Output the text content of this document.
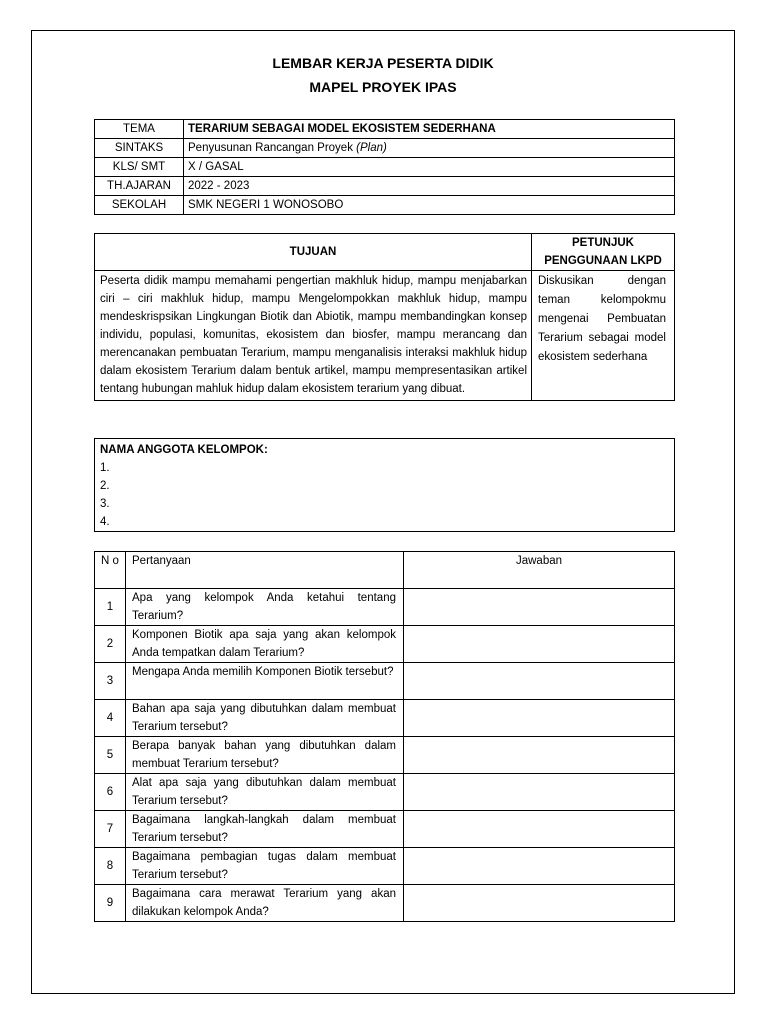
LEMBAR KERJA PESERTA DIDIK
MAPEL PROYEK IPAS
TEMA	TERARIUM SEBAGAI MODEL EKOSISTEM SEDERHANA
SINTAKS	Penyusunan Rancangan Proyek (Plan)
KLS/ SMT	X / GASAL
TH.AJARAN	2022 - 2023
SEKOLAH	SMK NEGERI 1 WONOSOBO
TUJUAN	PETUNJUK PENGGUNAAN LKPD
Peserta didik mampu memahami pengertian makhluk hidup, mampu menjabarkan ciri – ciri makhluk hidup, mampu Mengelompokkan makhluk hidup, mampu mendeskrispsikan Lingkungan Biotik dan Abiotik, mampu membandingkan konsep individu, populasi, komunitas, ekosistem dan biosfer, mampu merancang dan merencanakan pembuatan Terarium, mampu menganalisis interaksi makhluk hidup dalam ekosistem Terarium dalam bentuk artikel, mampu mempresentasikan artikel tentang hubungan mahluk hidup dalam ekosistem terarium yang dibuat.	Diskusikan dengan teman kelompokmu mengenai Pembuatan Terarium sebagai model ekosistem sederhana
NAMA ANGGOTA KELOMPOK:
1.
2.
3.
4.
N o	Pertanyaan	Jawaban
1	Apa yang kelompok Anda ketahui tentang Terarium?	
2	Komponen Biotik apa saja yang akan kelompok Anda tempatkan dalam Terarium?	
3	Mengapa Anda memilih Komponen Biotik tersebut?	
4	Bahan apa saja yang dibutuhkan dalam membuat Terarium tersebut?	
5	Berapa banyak bahan yang dibutuhkan dalam membuat Terarium tersebut?	
6	Alat apa saja yang dibutuhkan dalam membuat Terarium tersebut?	
7	Bagaimana langkah-langkah dalam membuat Terarium tersebut?	
8	Bagaimana pembagian tugas dalam membuat Terarium tersebut?	
9	Bagaimana cara merawat Terarium yang akan dilakukan kelompok Anda?	
